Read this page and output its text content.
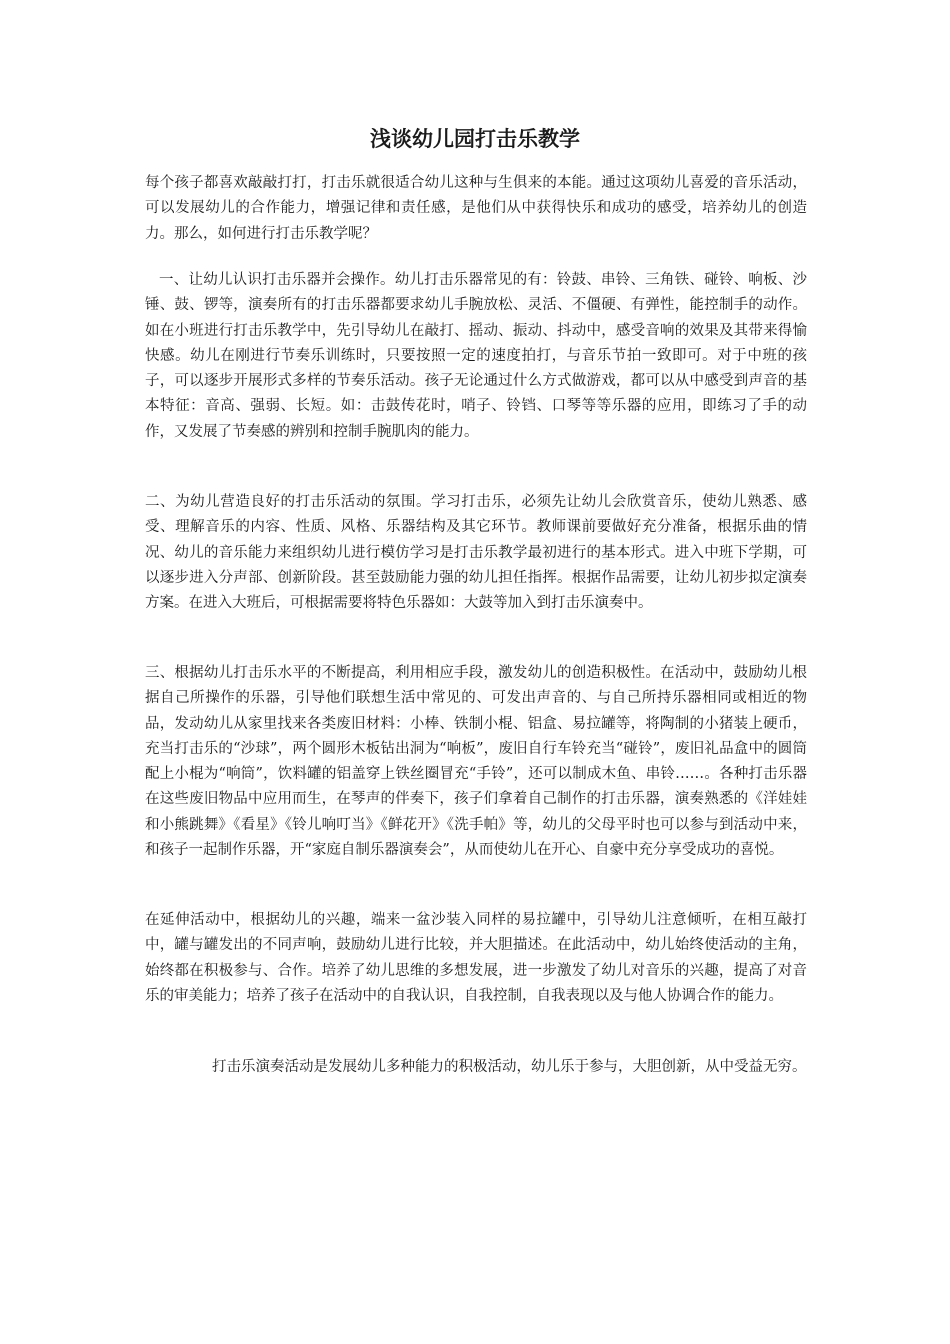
浅谈幼儿园打击乐教学

每个孩子都喜欢敲敲打打，打击乐就很适合幼儿这种与生俱来的本能。通过这项幼儿喜爱的音乐活动，可以发展幼儿的合作能力，增强记律和责任感，是他们从中获得快乐和成功的感受，培养幼儿的创造力。那么，如何进行打击乐教学呢？

一、让幼儿认识打击乐器并会操作。幼儿打击乐器常见的有：铃鼓、串铃、三角铁、碰铃、响板、沙锤、鼓、锣等，演奏所有的打击乐器都要求幼儿手腕放松、灵活、不僵硬、有弹性，能控制手的动作。如在小班进行打击乐教学中，先引导幼儿在敲打、摇动、振动、抖动中，感受音响的效果及其带来得愉快感。幼儿在刚进行节奏乐训练时，只要按照一定的速度拍打，与音乐节拍一致即可。对于中班的孩子，可以逐步开展形式多样的节奏乐活动。孩子无论通过什么方式做游戏，都可以从中感受到声音的基本特征：音高、强弱、长短。如：击鼓传花时，哨子、铃铛、口琴等等乐器的应用，即练习了手的动作，又发展了节奏感的辨别和控制手腕肌肉的能力。

二、为幼儿营造良好的打击乐活动的氛围。学习打击乐，必须先让幼儿会欣赏音乐，使幼儿熟悉、感受、理解音乐的内容、性质、风格、乐器结构及其它环节。教师课前要做好充分准备，根据乐曲的情况、幼儿的音乐能力来组织幼儿进行模仿学习是打击乐教学最初进行的基本形式。进入中班下学期，可以逐步进入分声部、创新阶段。甚至鼓励能力强的幼儿担任指挥。根据作品需要，让幼儿初步拟定演奏方案。在进入大班后，可根据需要将特色乐器如：大鼓等加入到打击乐演奏中。

三、根据幼儿打击乐水平的不断提高，利用相应手段，激发幼儿的创造积极性。在活动中，鼓励幼儿根据自己所操作的乐器，引导他们联想生活中常见的、可发出声音的、与自己所持乐器相同或相近的物品，发动幼儿从家里找来各类废旧材料：小棒、铁制小棍、铝盒、易拉罐等，将陶制的小猪装上硬币，充当打击乐的“沙球”，两个圆形木板钻出洞为“响板”，废旧自行车铃充当“碰铃”，废旧礼品盒中的圆筒配上小棍为“响筒”，饮料罐的铝盖穿上铁丝圈冒充“手铃”，还可以制成木鱼、串铃……。各种打击乐器在这些废旧物品中应用而生，在琴声的伴奏下，孩子们拿着自己制作的打击乐器，演奏熟悉的《洋娃娃和小熊跳舞》《看星》《铃儿响叮当》《鲜花开》《洗手帕》等，幼儿的父母平时也可以参与到活动中来，和孩子一起制作乐器，开“家庭自制乐器演奏会”，从而使幼儿在开心、自豪中充分享受成功的喜悦。

在延伸活动中，根据幼儿的兴趣，端来一盆沙装入同样的易拉罐中，引导幼儿注意倾听，在相互敲打中，罐与罐发出的不同声响，鼓励幼儿进行比较，并大胆描述。在此活动中，幼儿始终使活动的主角，始终都在积极参与、合作。培养了幼儿思维的多想发展，进一步激发了幼儿对音乐的兴趣，提高了对音乐的审美能力；培养了孩子在活动中的自我认识，自我控制，自我表现以及与他人协调合作的能力。

打击乐演奏活动是发展幼儿多种能力的积极活动，幼儿乐于参与，大胆创新，从中受益无穷。
